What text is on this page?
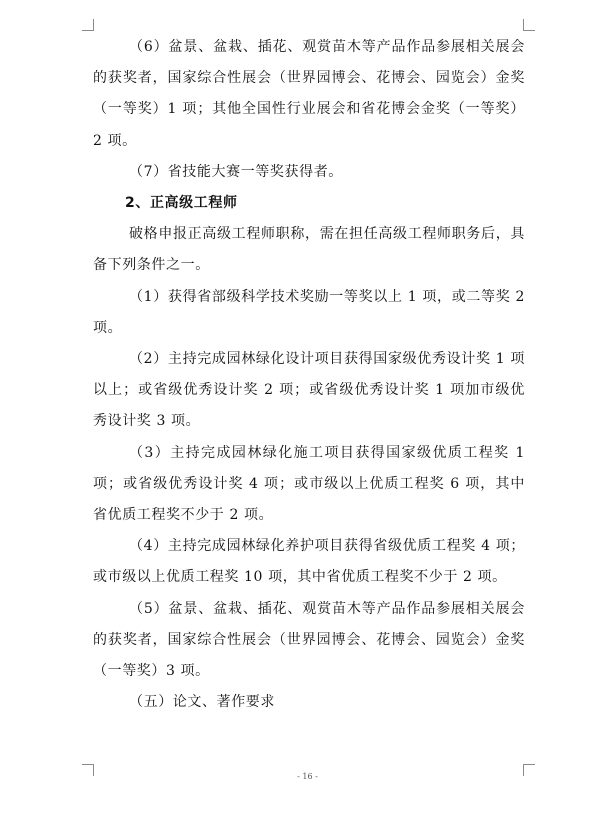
（6）盆景、盆栽、插花、观赏苗木等产品作品参展相关展会的获奖者，国家综合性展会（世界园博会、花博会、园览会）金奖（一等奖）1 项；其他全国性行业展会和省花博会金奖（一等奖）2 项。

（7）省技能大赛一等奖获得者。

2、正高级工程师

破格申报正高级工程师职称，需在担任高级工程师职务后，具备下列条件之一。

（1）获得省部级科学技术奖励一等奖以上 1 项，或二等奖 2 项。

（2）主持完成园林绿化设计项目获得国家级优秀设计奖 1 项以上；或省级优秀设计奖 2 项；或省级优秀设计奖 1 项加市级优秀设计奖 3 项。

（3）主持完成园林绿化施工项目获得国家级优质工程奖 1 项；或省级优秀设计奖 4 项；或市级以上优质工程奖 6 项，其中省优质工程奖不少于 2 项。

（4）主持完成园林绿化养护项目获得省级优质工程奖 4 项；或市级以上优质工程奖 10 项，其中省优质工程奖不少于 2 项。

（5）盆景、盆栽、插花、观赏苗木等产品作品参展相关展会的获奖者，国家综合性展会（世界园博会、花博会、园览会）金奖（一等奖）3 项。

（五）论文、著作要求

- 16 -
